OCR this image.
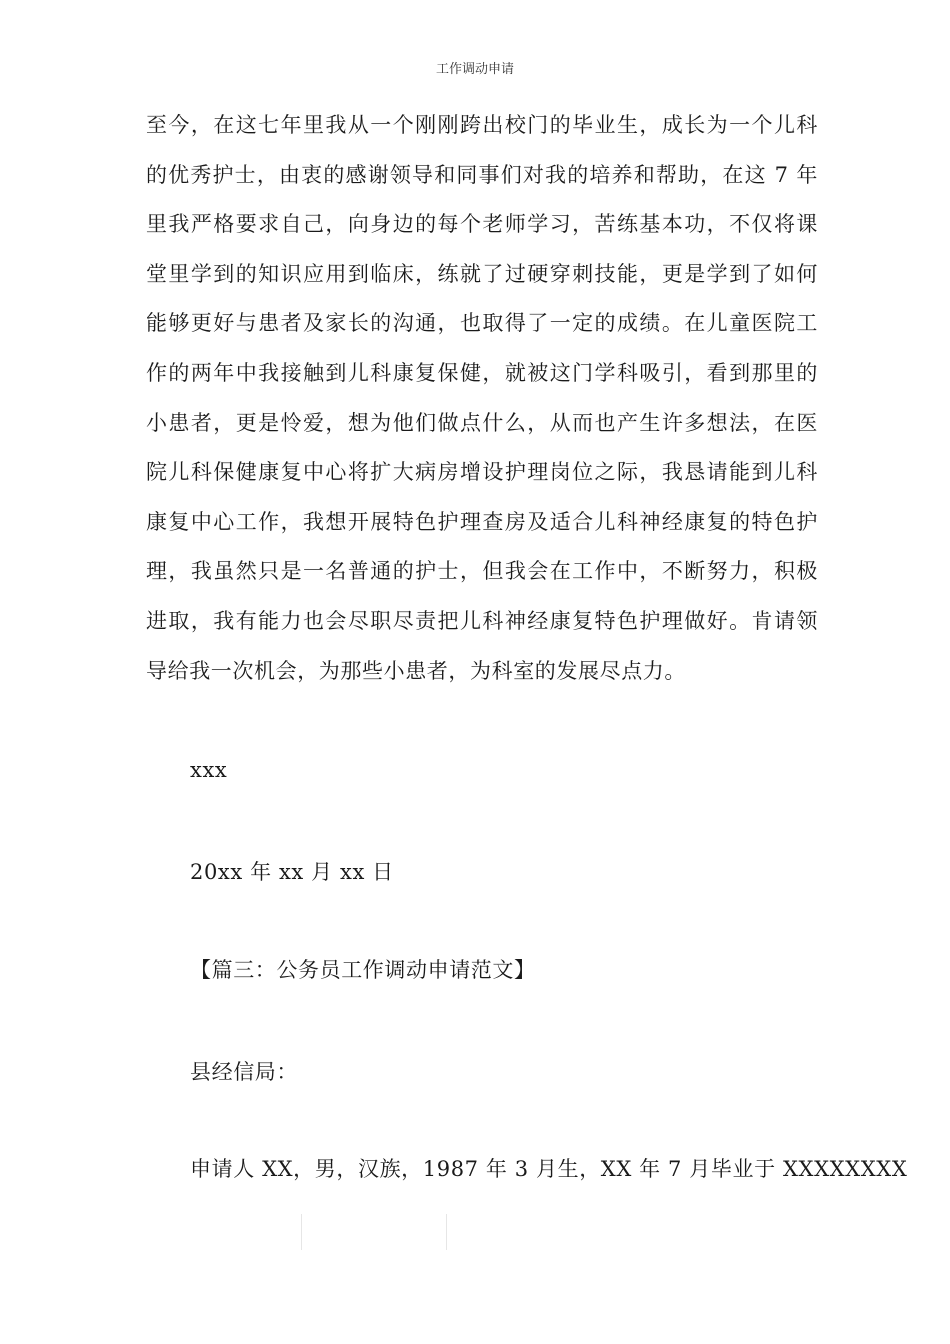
工作调动申请
至今，在这七年里我从一个刚刚跨出校门的毕业生，成长为一个儿科
的优秀护士，由衷的感谢领导和同事们对我的培养和帮助，在这 7 年
里我严格要求自己，向身边的每个老师学习，苦练基本功，不仅将课
堂里学到的知识应用到临床，练就了过硬穿刺技能，更是学到了如何
能够更好与患者及家长的沟通，也取得了一定的成绩。在儿童医院工
作的两年中我接触到儿科康复保健，就被这门学科吸引，看到那里的
小患者，更是怜爱，想为他们做点什么，从而也产生许多想法，在医
院儿科保健康复中心将扩大病房增设护理岗位之际，我恳请能到儿科
康复中心工作，我想开展特色护理查房及适合儿科神经康复的特色护
理，我虽然只是一名普通的护士，但我会在工作中，不断努力，积极
进取，我有能力也会尽职尽责把儿科神经康复特色护理做好。肯请领
导给我一次机会，为那些小患者，为科室的发展尽点力。
xxx
20xx 年 xx 月 xx 日
【篇三：公务员工作调动申请范文】
县经信局：
申请人 XX，男，汉族，1987 年 3 月生，XX 年 7 月毕业于 XXXXXXXX
